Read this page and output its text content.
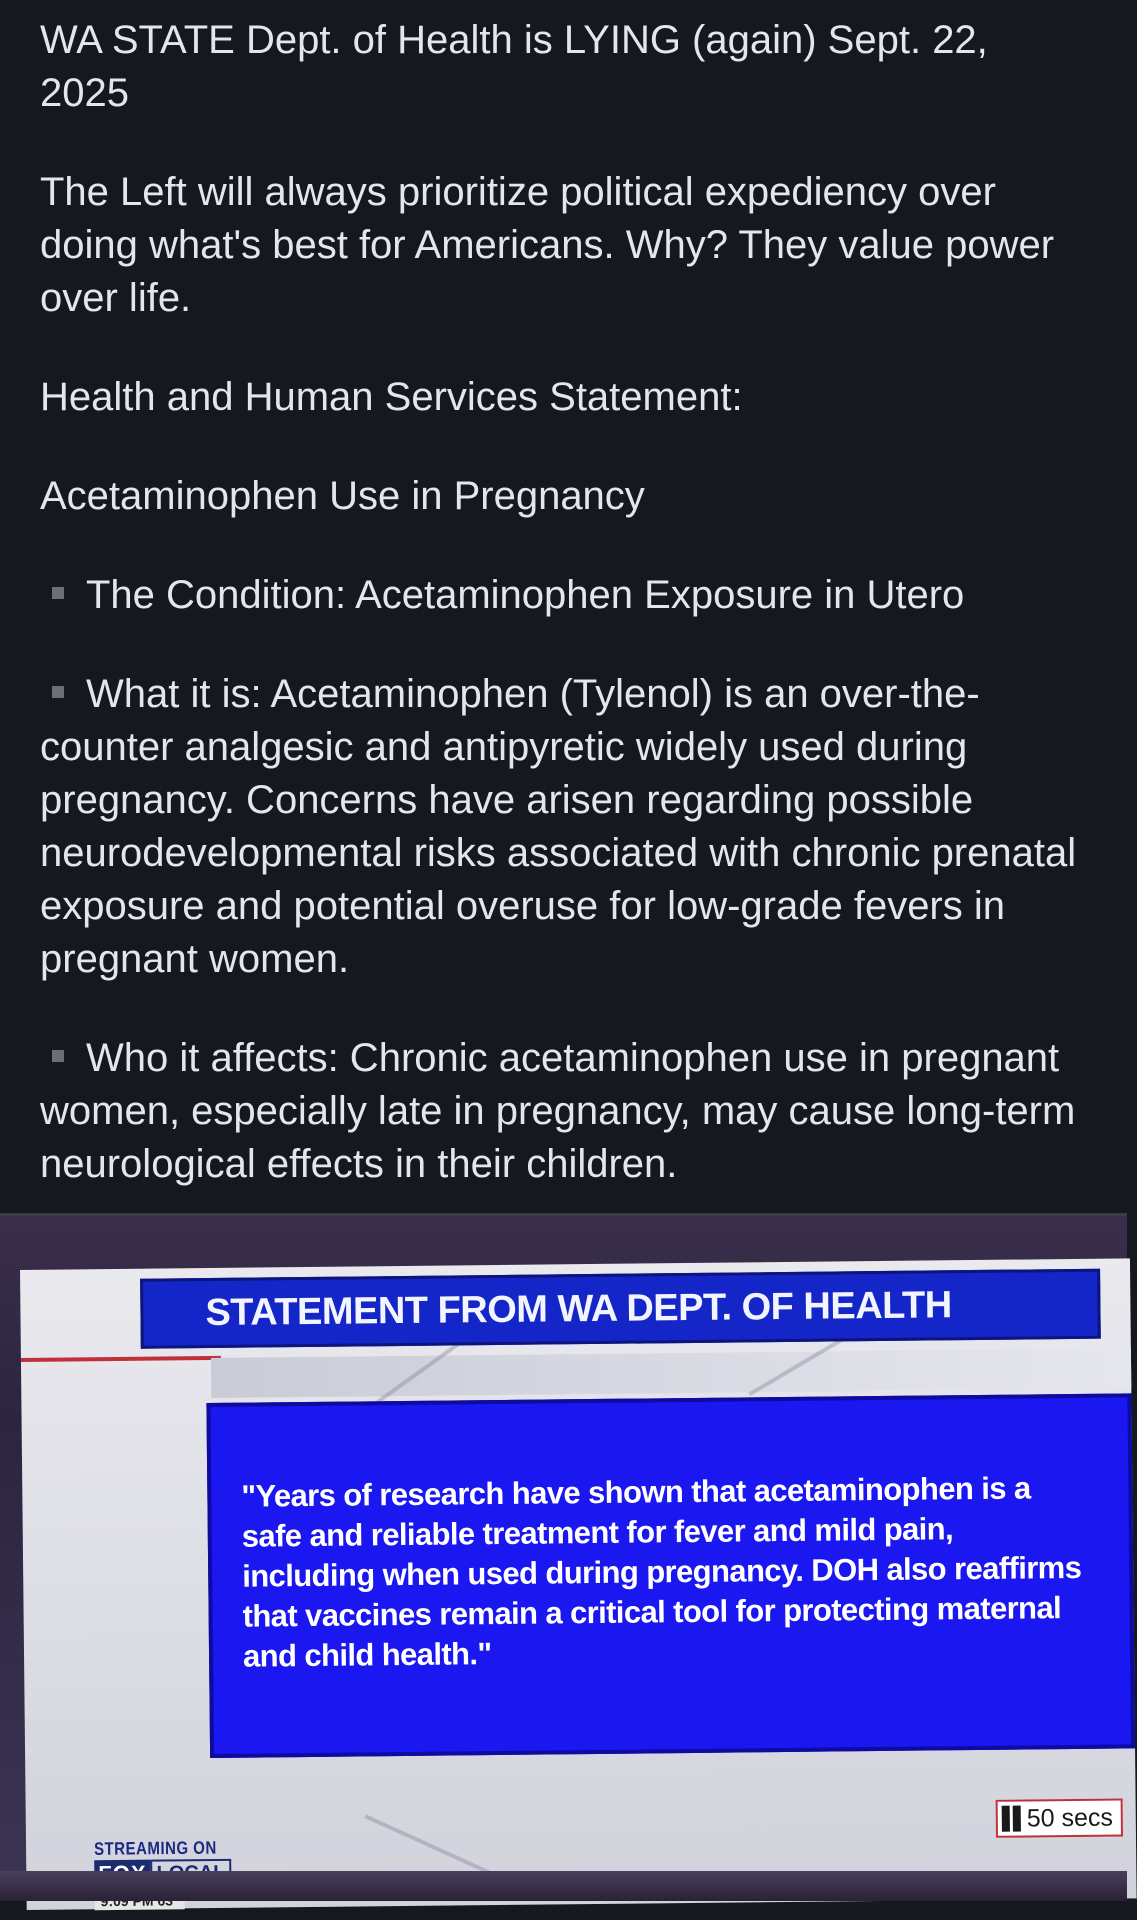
WA STATE Dept. of Health is LYING (again) Sept. 22, 2025

The Left will always prioritize political expediency over doing what's best for Americans. Why? They value power over life.

Health and Human Services Statement:

Acetaminophen Use in Pregnancy

The Condition: Acetaminophen Exposure in Utero

What it is: Acetaminophen (Tylenol) is an over-the-counter analgesic and antipyretic widely used during pregnancy. Concerns have arisen regarding possible neurodevelopmental risks associated with chronic prenatal exposure and potential overuse for low-grade fevers in pregnant women.

Who it affects: Chronic acetaminophen use in pregnant women, especially late in pregnancy, may cause long-term neurological effects in their children.

STATEMENT FROM WA DEPT. OF HEALTH
"Years of research have shown that acetaminophen is a safe and reliable treatment for fever and mild pain, including when used during pregnancy. DOH also reaffirms that vaccines remain a critical tool for protecting maternal and child health."
50 secs
STREAMING ON
